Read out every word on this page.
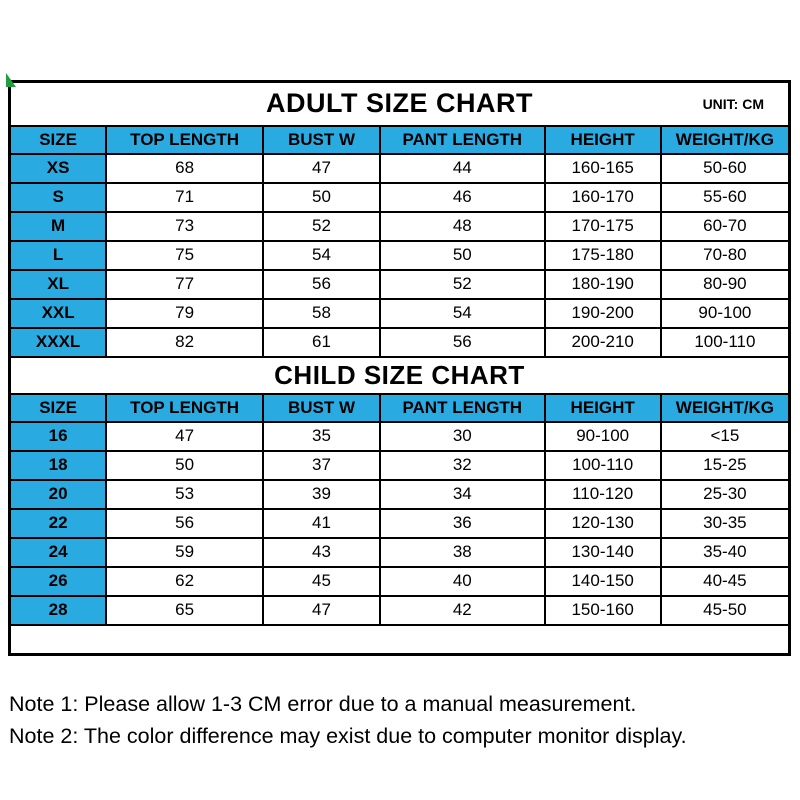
ADULT SIZE CHART UNIT: CM					

SIZE	TOP LENGTH	BUST W	PANT LENGTH	HEIGHT	WEIGHT/KG
XS	68	47	44	160-165	50-60
S	71	50	46	160-170	55-60
M	73	52	48	170-175	60-70
L	75	54	50	175-180	70-80
XL	77	56	52	180-190	80-90
XXL	79	58	54	190-200	90-100
XXXL	82	61	56	200-210	100-110
CHILD SIZE CHART					
SIZE	TOP LENGTH	BUST W	PANT LENGTH	HEIGHT	WEIGHT/KG
16	47	35	30	90-100	<15
18	50	37	32	100-110	15-25
20	53	39	34	110-120	25-30
22	56	41	36	120-130	30-35
24	59	43	38	130-140	35-40
26	62	45	40	140-150	40-45
28	65	47	42	150-160	45-50

Note 1: Please allow 1-3 CM error due to a manual measurement.
Note 2: The color difference may exist due to computer monitor display.
